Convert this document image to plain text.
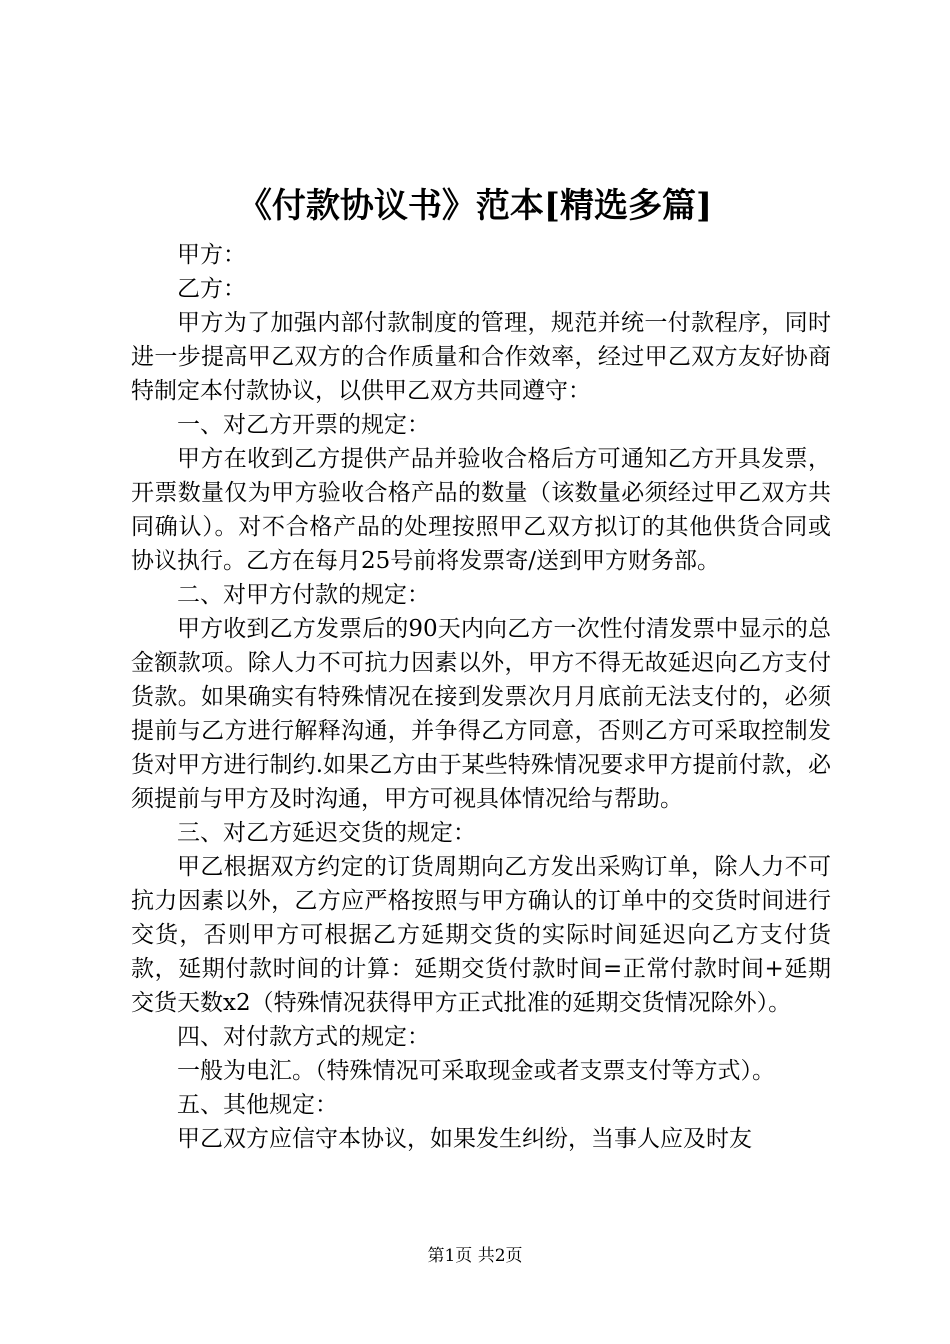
《付款协议书》范本[精选多篇]

甲方：

乙方：

甲方为了加强内部付款制度的管理，规范并统一付款程序，同时进一步提高甲乙双方的合作质量和合作效率，经过甲乙双方友好协商特制定本付款协议，以供甲乙双方共同遵守：

一、对乙方开票的规定：

甲方在收到乙方提供产品并验收合格后方可通知乙方开具发票，开票数量仅为甲方验收合格产品的数量（该数量必须经过甲乙双方共同确认）。对不合格产品的处理按照甲乙双方拟订的其他供货合同或协议执行。乙方在每月25号前将发票寄/送到甲方财务部。

二、对甲方付款的规定：

甲方收到乙方发票后的90天内向乙方一次性付清发票中显示的总金额款项。除人力不可抗力因素以外，甲方不得无故延迟向乙方支付货款。如果确实有特殊情况在接到发票次月月底前无法支付的，必须提前与乙方进行解释沟通，并争得乙方同意，否则乙方可采取控制发货对甲方进行制约.如果乙方由于某些特殊情况要求甲方提前付款，必须提前与甲方及时沟通，甲方可视具体情况给与帮助。

三、对乙方延迟交货的规定：

甲乙根据双方约定的订货周期向乙方发出采购订单，除人力不可抗力因素以外，乙方应严格按照与甲方确认的订单中的交货时间进行交货，否则甲方可根据乙方延期交货的实际时间延迟向乙方支付货款，延期付款时间的计算：延期交货付款时间=正常付款时间+延期交货天数x2（特殊情况获得甲方正式批准的延期交货情况除外）。

四、对付款方式的规定：

一般为电汇。（特殊情况可采取现金或者支票支付等方式）。

五、其他规定：

甲乙双方应信守本协议，如果发生纠纷，当事人应及时友

第1页 共2页
